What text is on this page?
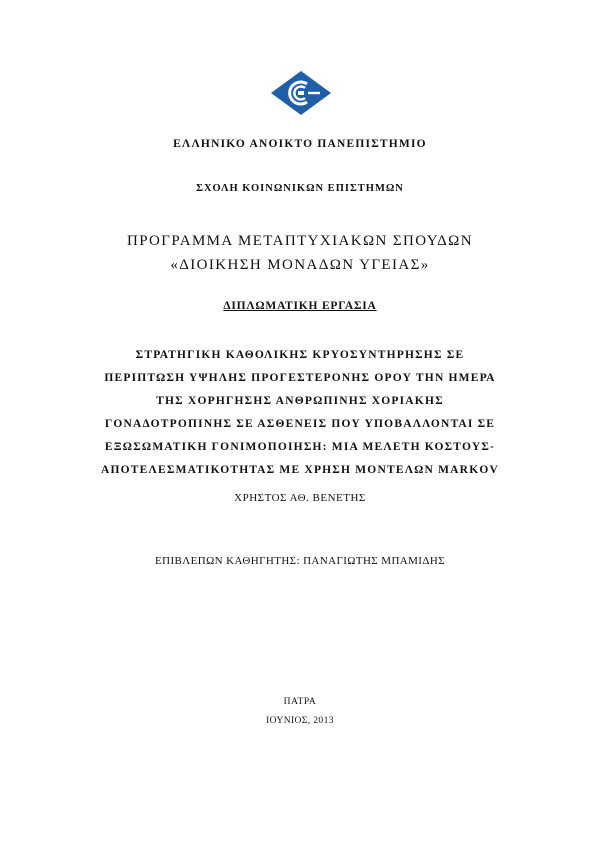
ΕΛΛΗΝΙΚΟ ΑΝΟΙΚΤΟ ΠΑΝΕΠΙΣΤΗΜΙΟ
ΣΧΟΛΗ ΚΟΙΝΩΝΙΚΩΝ ΕΠΙΣΤΗΜΩΝ
ΠΡΟΓΡΑΜΜΑ ΜΕΤΑΠΤΥΧΙΑΚΩΝ ΣΠΟΥΔΩΝ
«ΔΙΟΙΚΗΣΗ ΜΟΝΑΔΩΝ ΥΓΕΙΑΣ»
ΔΙΠΛΩΜΑΤΙΚΗ ΕΡΓΑΣΙΑ
ΣΤΡΑΤΗΓΙΚΗ ΚΑΘΟΛΙΚΗΣ ΚΡΥΟΣΥΝΤΗΡΗΣΗΣ ΣΕ
ΠΕΡΙΠΤΩΣΗ ΥΨΗΛΗΣ ΠΡΟΓΕΣΤΕΡΟΝΗΣ ΟΡΟΥ ΤΗΝ ΗΜΕΡΑ
ΤΗΣ ΧΟΡΗΓΗΣΗΣ ΑΝΘΡΩΠΙΝΗΣ ΧΟΡΙΑΚΗΣ
ΓΟΝΑΔΟΤΡΟΠΙΝΗΣ ΣΕ ΑΣΘΕΝΕΙΣ ΠΟΥ ΥΠΟΒΑΛΛΟΝΤΑΙ ΣΕ
ΕΞΩΣΩΜΑΤΙΚΗ ΓΟΝΙΜΟΠΟΙΗΣΗ: ΜΙΑ ΜΕΛΕΤΗ ΚΟΣΤΟΥΣ-
ΑΠΟΤΕΛΕΣΜΑΤΙΚΟΤΗΤΑΣ ΜΕ ΧΡΗΣΗ ΜΟΝΤΕΛΩΝ MARKOV
ΧΡΗΣΤΟΣ ΑΘ. ΒΕΝΕΤΗΣ
ΕΠΙΒΛΕΠΩΝ ΚΑΘΗΓΗΤΗΣ: ΠΑΝΑΓΙΩΤΗΣ ΜΠΑΜΙΔΗΣ
ΠΑΤΡΑ
ΙΟΥΝΙΟΣ, 2013
